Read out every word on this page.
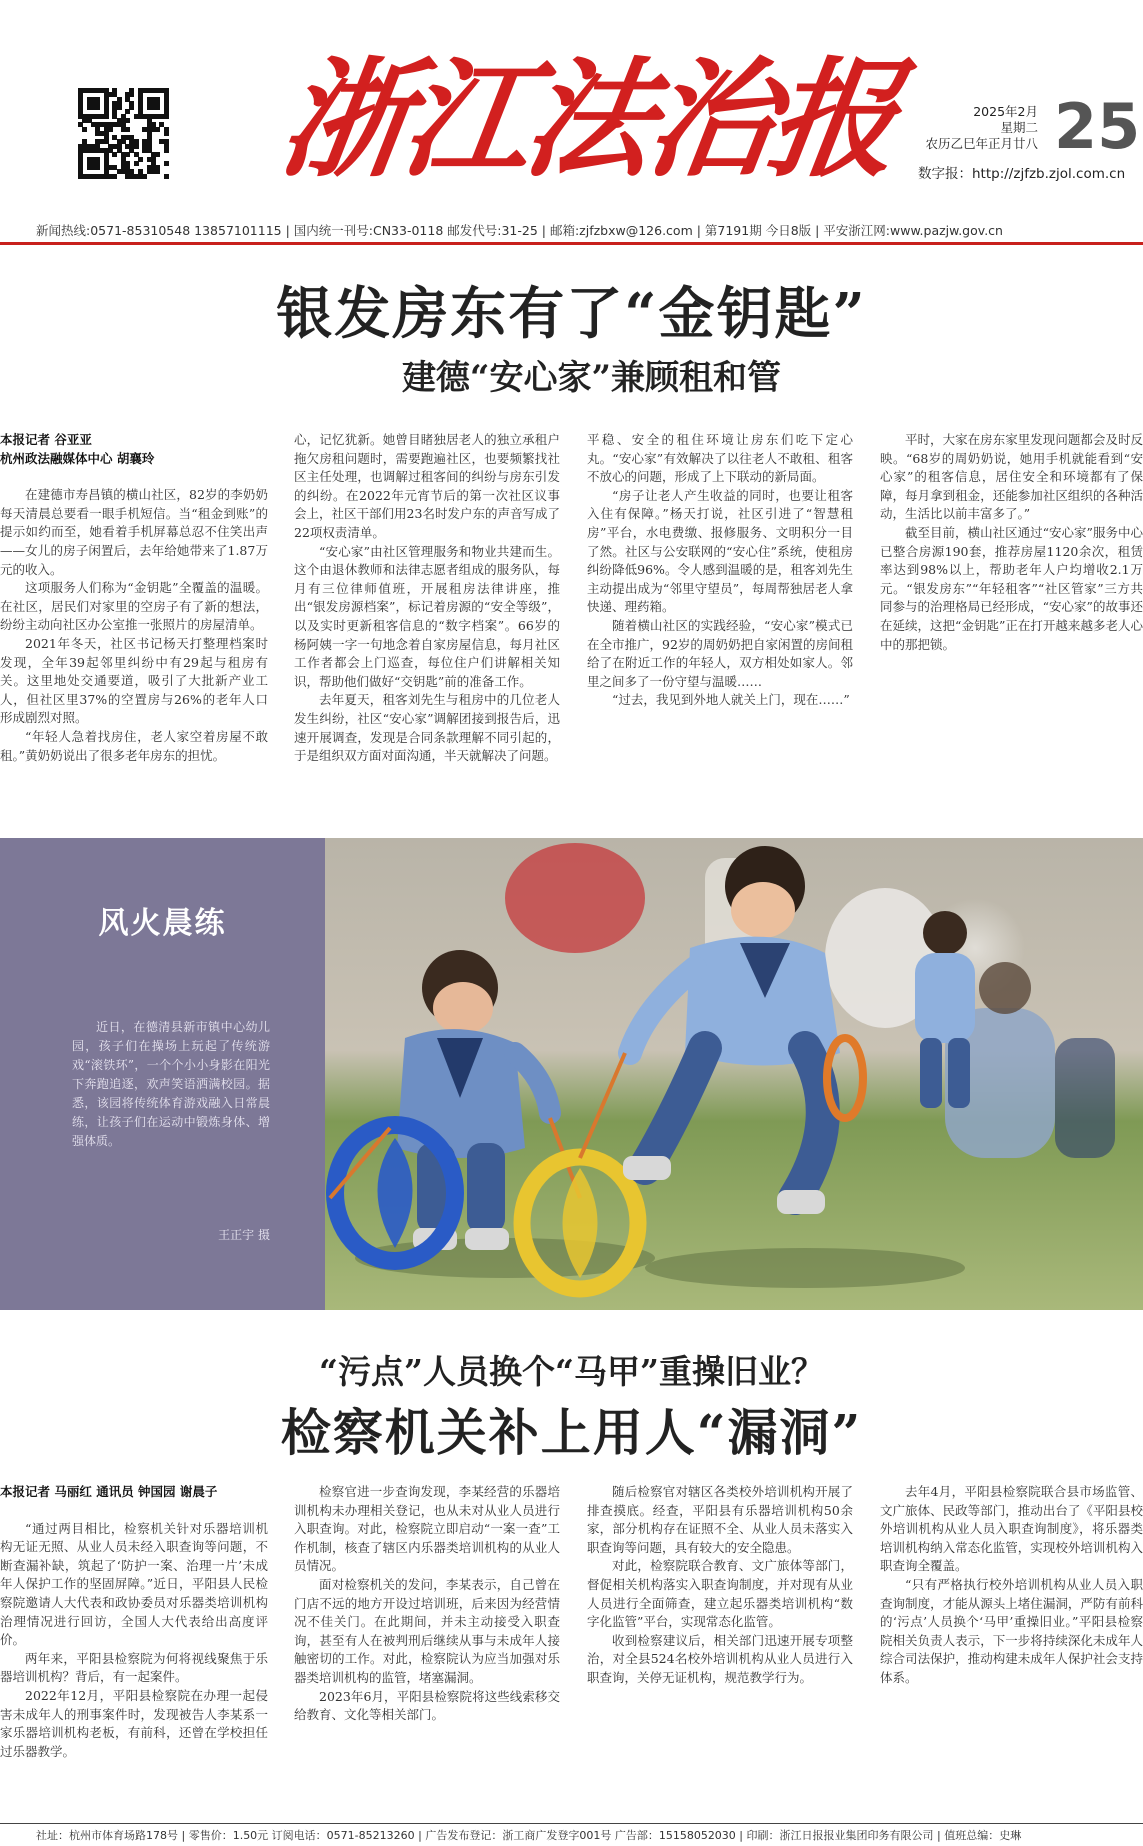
浙江法治报	2025年2月
星期二
农历乙巳年正月廿八 25
数字报：http://zjfzb.zjol.com.cn
新闻热线:0571-85310548 13857101115 | 国内统一刊号:CN33-0118 邮发代号:31-25 | 邮箱:zjfzbxw@126.com | 第7191期 今日8版 | 平安浙江网:www.pazjw.gov.cn
银发房东有了“金钥匙”
建德“安心家”兼顾租和管

本报记者 谷亚亚

杭州政法融媒体中心 胡襄玲

在建德市寿昌镇的横山社区，82岁的李奶奶每天清晨总要看一眼手机短信。当“租金到账”的提示如约而至，她看着手机屏幕总忍不住笑出声——女儿的房子闲置后，去年给她带来了1.87万元的收入。

这项服务人们称为“金钥匙”全覆盖的温暖。在社区，居民们对家里的空房子有了新的想法，纷纷主动向社区办公室推一张照片的房屋清单。

2021年冬天，社区书记杨天打整理档案时发现，全年39起邻里纠纷中有29起与租房有关。这里地处交通要道，吸引了大批新产业工人，但社区里37%的空置房与26%的老年人口形成剧烈对照。

“年轻人急着找房住，老人家空着房屋不敢租。”黄奶奶说出了很多老年房东的担忧。

心，记忆犹新。她曾目睹独居老人的独立承租户拖欠房租问题时，需要跑遍社区，也要频繁找社区主任处理，也调解过租客间的纠纷与房东引发的纠纷。在2022年元宵节后的第一次社区议事会上，社区干部们用23名时发户东的声音写成了22项权责清单。

“安心家”由社区管理服务和物业共建而生。这个由退休教师和法律志愿者组成的服务队，每月有三位律师值班，开展租房法律讲座，推出“银发房源档案”，标记着房源的“安全等级”，以及实时更新租客信息的“数字档案”。66岁的杨阿姨一字一句地念着自家房屋信息，每月社区工作者都会上门巡查，每位住户们讲解相关知识，帮助他们做好“交钥匙”前的准备工作。

去年夏天，租客刘先生与租房中的几位老人发生纠纷，社区“安心家”调解团接到报告后，迅速开展调查，发现是合同条款理解不同引起的，于是组织双方面对面沟通，半天就解决了问题。

平稳、安全的租住环境让房东们吃下定心丸。“安心家”有效解决了以往老人不敢租、租客不放心的问题，形成了上下联动的新局面。

“房子让老人产生收益的同时，也要让租客入住有保障。”杨天打说，社区引进了“智慧租房”平台，水电费缴、报修服务、文明积分一目了然。社区与公安联网的“安心住”系统，使租房纠纷降低96%。令人感到温暖的是，租客刘先生主动提出成为“邻里守望员”，每周帮独居老人拿快递、理药箱。

随着横山社区的实践经验，“安心家”模式已在全市推广，92岁的周奶奶把自家闲置的房间租给了在附近工作的年轻人，双方相处如家人。邻里之间多了一份守望与温暖……

“过去，我见到外地人就关上门，现在……”

平时，大家在房东家里发现问题都会及时反映。“68岁的周奶奶说，她用手机就能看到“安心家”的租客信息，居住安全和环境都有了保障，每月拿到租金，还能参加社区组织的各种活动，生活比以前丰富多了。”

截至目前，横山社区通过“安心家”服务中心已整合房源190套，推荐房屋1120余次，租赁率达到98%以上，帮助老年人户均增收2.1万元。“银发房东”“年轻租客”“社区管家”三方共同参与的治理格局已经形成，“安心家”的故事还在延续，这把“金钥匙”正在打开越来越多老人心中的那把锁。

风火晨练
近日，在德清县新市镇中心幼儿园，孩子们在操场上玩起了传统游戏“滚铁环”，一个个小小身影在阳光下奔跑追逐，欢声笑语洒满校园。据悉，该园将传统体育游戏融入日常晨练，让孩子们在运动中锻炼身体、增强体质。
王正宇 摄
“污点”人员换个“马甲”重操旧业？
检察机关补上用人“漏洞”

本报记者 马丽红 通讯员 钟国园 谢晨子

“通过两目相比，检察机关针对乐器培训机构无证无照、从业人员未经入职查询等问题，不断查漏补缺，筑起了‘防护一案、治理一片’未成年人保护工作的坚固屏障。”近日，平阳县人民检察院邀请人大代表和政协委员对乐器类培训机构治理情况进行回访，全国人大代表给出高度评价。

两年来，平阳县检察院为何将视线聚焦于乐器培训机构？背后，有一起案件。

2022年12月，平阳县检察院在办理一起侵害未成年人的刑事案件时，发现被告人李某系一家乐器培训机构老板，有前科，还曾在学校担任过乐器教学。

检察官进一步查询发现，李某经营的乐器培训机构未办理相关登记，也从未对从业人员进行入职查询。对此，检察院立即启动“一案一查”工作机制，核查了辖区内乐器类培训机构的从业人员情况。

面对检察机关的发问，李某表示，自己曾在门店不远的地方开设过培训班，后来因为经营情况不佳关门。在此期间，并未主动接受入职查询，甚至有人在被判刑后继续从事与未成年人接触密切的工作。对此，检察院认为应当加强对乐器类培训机构的监管，堵塞漏洞。

2023年6月，平阳县检察院将这些线索移交给教育、文化等相关部门。

随后检察官对辖区各类校外培训机构开展了排查摸底。经查，平阳县有乐器培训机构50余家，部分机构存在证照不全、从业人员未落实入职查询等问题，具有较大的安全隐患。

对此，检察院联合教育、文广旅体等部门，督促相关机构落实入职查询制度，并对现有从业人员进行全面筛查，建立起乐器类培训机构“数字化监管”平台，实现常态化监管。

收到检察建议后，相关部门迅速开展专项整治，对全县524名校外培训机构从业人员进行入职查询，关停无证机构，规范教学行为。

去年4月，平阳县检察院联合县市场监管、文广旅体、民政等部门，推动出台了《平阳县校外培训机构从业人员入职查询制度》，将乐器类培训机构纳入常态化监管，实现校外培训机构入职查询全覆盖。

“只有严格执行校外培训机构从业人员入职查询制度，才能从源头上堵住漏洞，严防有前科的‘污点’人员换个‘马甲’重操旧业。”平阳县检察院相关负责人表示，下一步将持续深化未成年人综合司法保护，推动构建未成年人保护社会支持体系。

社址：杭州市体育场路178号 | 零售价：1.50元 订阅电话：0571-85213260 | 广告发布登记：浙工商广发登字001号 广告部：15158052030 | 印刷：浙江日报报业集团印务有限公司 | 值班总编：史琳
